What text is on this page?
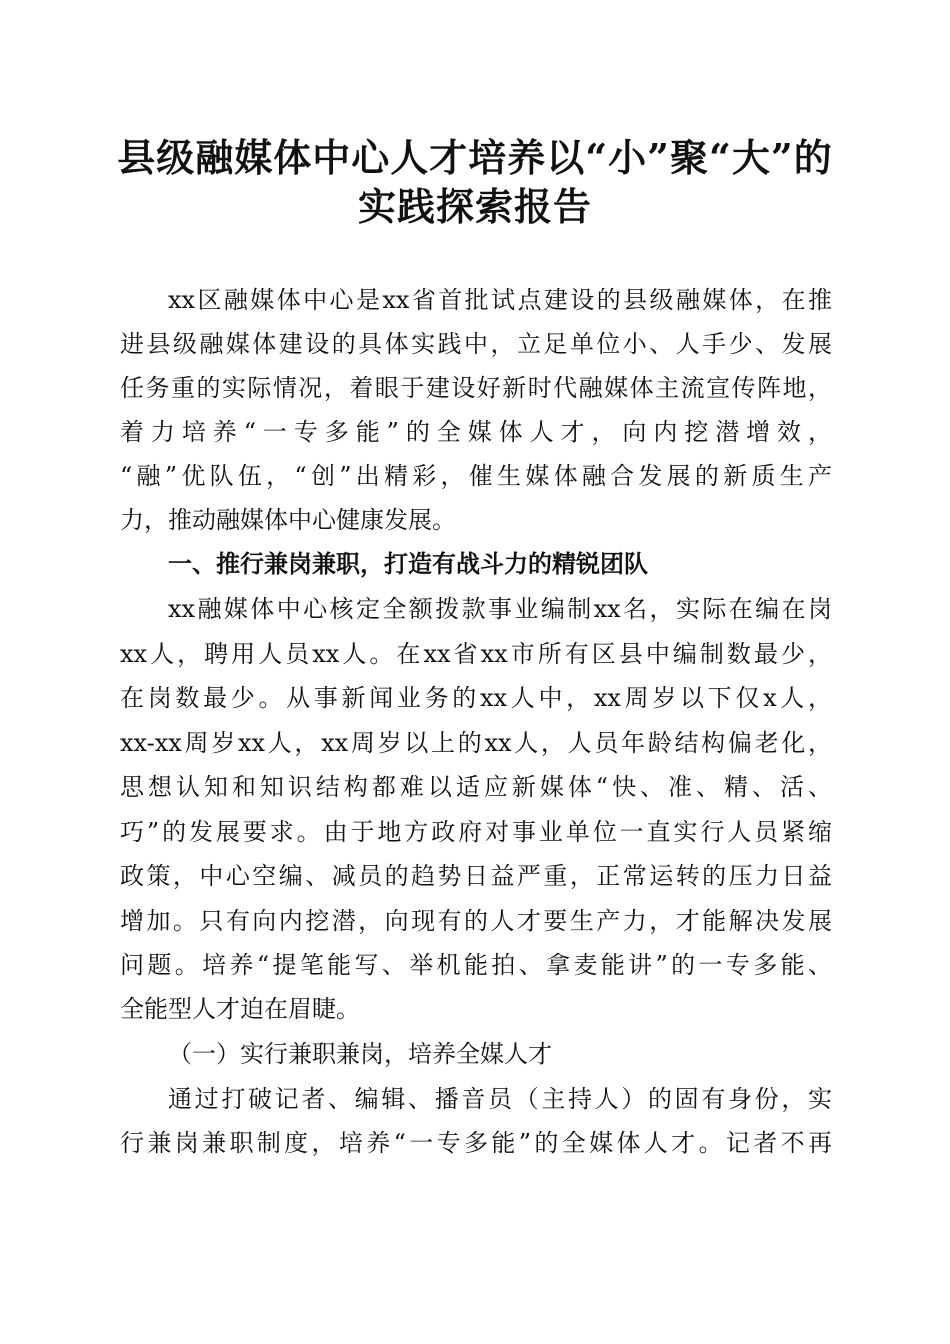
县级融媒体中心人才培养以“小”聚“大”的
实践探索报告
xx区融媒体中心是xx省首批试点建设的县级融媒体，在推
进县级融媒体建设的具体实践中，立足单位小、人手少、发展
任务重的实际情况，着眼于建设好新时代融媒体主流宣传阵地，
着力培养“一专多能”的全媒体人才，向内挖潜增效，
“融”优队伍，“创”出精彩，催生媒体融合发展的新质生产
力，推动融媒体中心健康发展。
一、推行兼岗兼职，打造有战斗力的精锐团队
xx融媒体中心核定全额拨款事业编制xx名，实际在编在岗
xx人，聘用人员xx人。在xx省xx市所有区县中编制数最少，
在岗数最少。从事新闻业务的xx人中，xx周岁以下仅x人，
xx-xx周岁xx人，xx周岁以上的xx人，人员年龄结构偏老化，
思想认知和知识结构都难以适应新媒体“快、准、精、活、
巧”的发展要求。由于地方政府对事业单位一直实行人员紧缩
政策，中心空编、减员的趋势日益严重，正常运转的压力日益
增加。只有向内挖潜，向现有的人才要生产力，才能解决发展
问题。培养“提笔能写、举机能拍、拿麦能讲”的一专多能、
全能型人才迫在眉睫。
（一）实行兼职兼岗，培养全媒人才
通过打破记者、编辑、播音员（主持人）的固有身份，实
行兼岗兼职制度，培养“一专多能”的全媒体人才。记者不再
